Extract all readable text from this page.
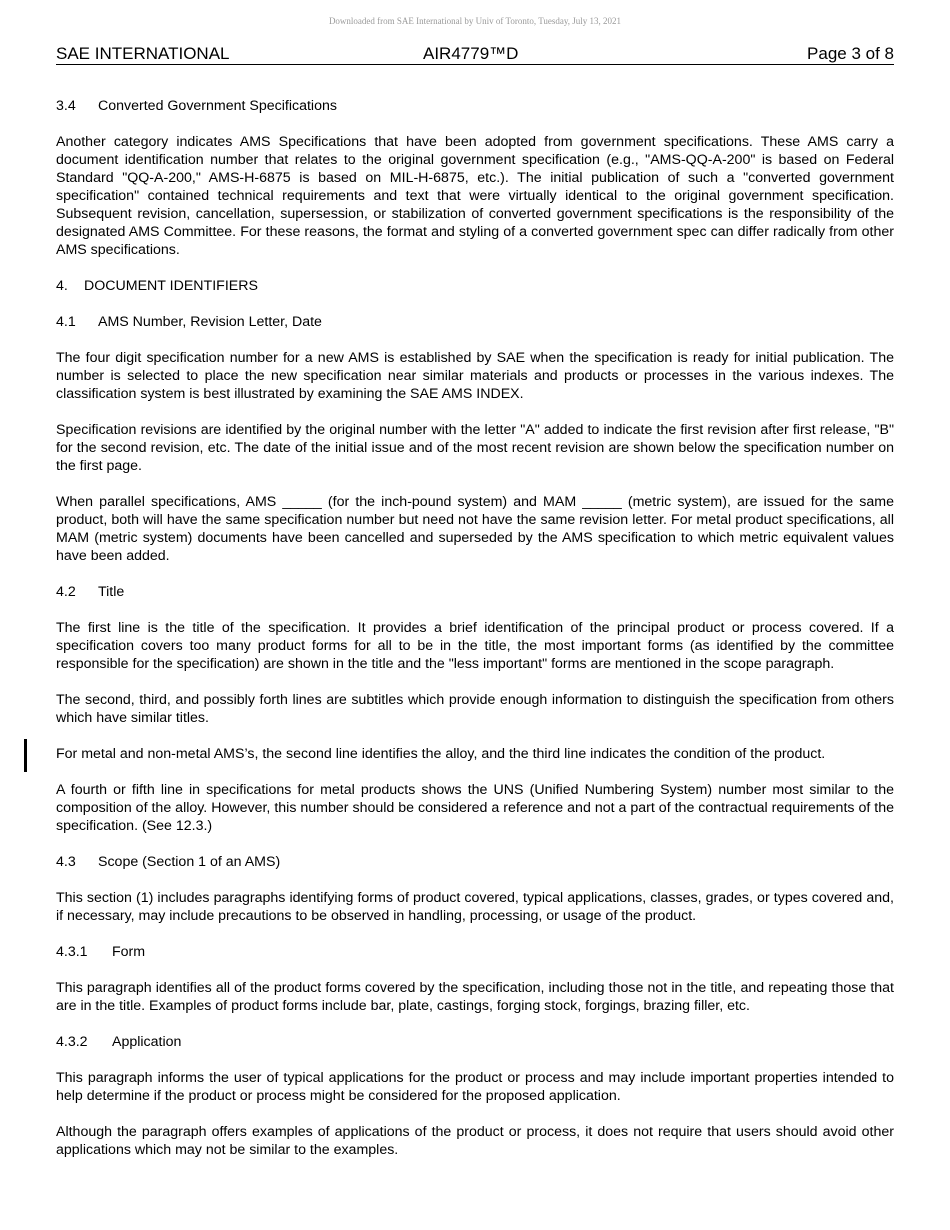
Downloaded from SAE International by Univ of Toronto, Tuesday, July 13, 2021
SAE INTERNATIONAL	AIR4779™D	Page 3 of 8
3.4 Converted Government Specifications
Another category indicates AMS Specifications that have been adopted from government specifications. These AMS carry a document identification number that relates to the original government specification (e.g., "AMS-QQ-A-200" is based on Federal Standard "QQ-A-200," AMS-H-6875 is based on MIL-H-6875, etc.). The initial publication of such a "converted government specification" contained technical requirements and text that were virtually identical to the original government specification. Subsequent revision, cancellation, supersession, or stabilization of converted government specifications is the responsibility of the designated AMS Committee. For these reasons, the format and styling of a converted government spec can differ radically from other AMS specifications.
4. DOCUMENT IDENTIFIERS
4.1 AMS Number, Revision Letter, Date
The four digit specification number for a new AMS is established by SAE when the specification is ready for initial publication. The number is selected to place the new specification near similar materials and products or processes in the various indexes. The classification system is best illustrated by examining the SAE AMS INDEX.
Specification revisions are identified by the original number with the letter "A" added to indicate the first revision after first release, "B" for the second revision, etc. The date of the initial issue and of the most recent revision are shown below the specification number on the first page.
When parallel specifications, AMS _____ (for the inch-pound system) and MAM _____ (metric system), are issued for the same product, both will have the same specification number but need not have the same revision letter. For metal product specifications, all MAM (metric system) documents have been cancelled and superseded by the AMS specification to which metric equivalent values have been added.
4.2 Title
The first line is the title of the specification. It provides a brief identification of the principal product or process covered. If a specification covers too many product forms for all to be in the title, the most important forms (as identified by the committee responsible for the specification) are shown in the title and the "less important" forms are mentioned in the scope paragraph.
The second, third, and possibly forth lines are subtitles which provide enough information to distinguish the specification from others which have similar titles.
For metal and non-metal AMS’s, the second line identifies the alloy, and the third line indicates the condition of the product.
A fourth or fifth line in specifications for metal products shows the UNS (Unified Numbering System) number most similar to the composition of the alloy. However, this number should be considered a reference and not a part of the contractual requirements of the specification. (See 12.3.)
4.3 Scope (Section 1 of an AMS)
This section (1) includes paragraphs identifying forms of product covered, typical applications, classes, grades, or types covered and, if necessary, may include precautions to be observed in handling, processing, or usage of the product.
4.3.1 Form
This paragraph identifies all of the product forms covered by the specification, including those not in the title, and repeating those that are in the title. Examples of product forms include bar, plate, castings, forging stock, forgings, brazing filler, etc.
4.3.2 Application
This paragraph informs the user of typical applications for the product or process and may include important properties intended to help determine if the product or process might be considered for the proposed application.
Although the paragraph offers examples of applications of the product or process, it does not require that users should avoid other applications which may not be similar to the examples.
